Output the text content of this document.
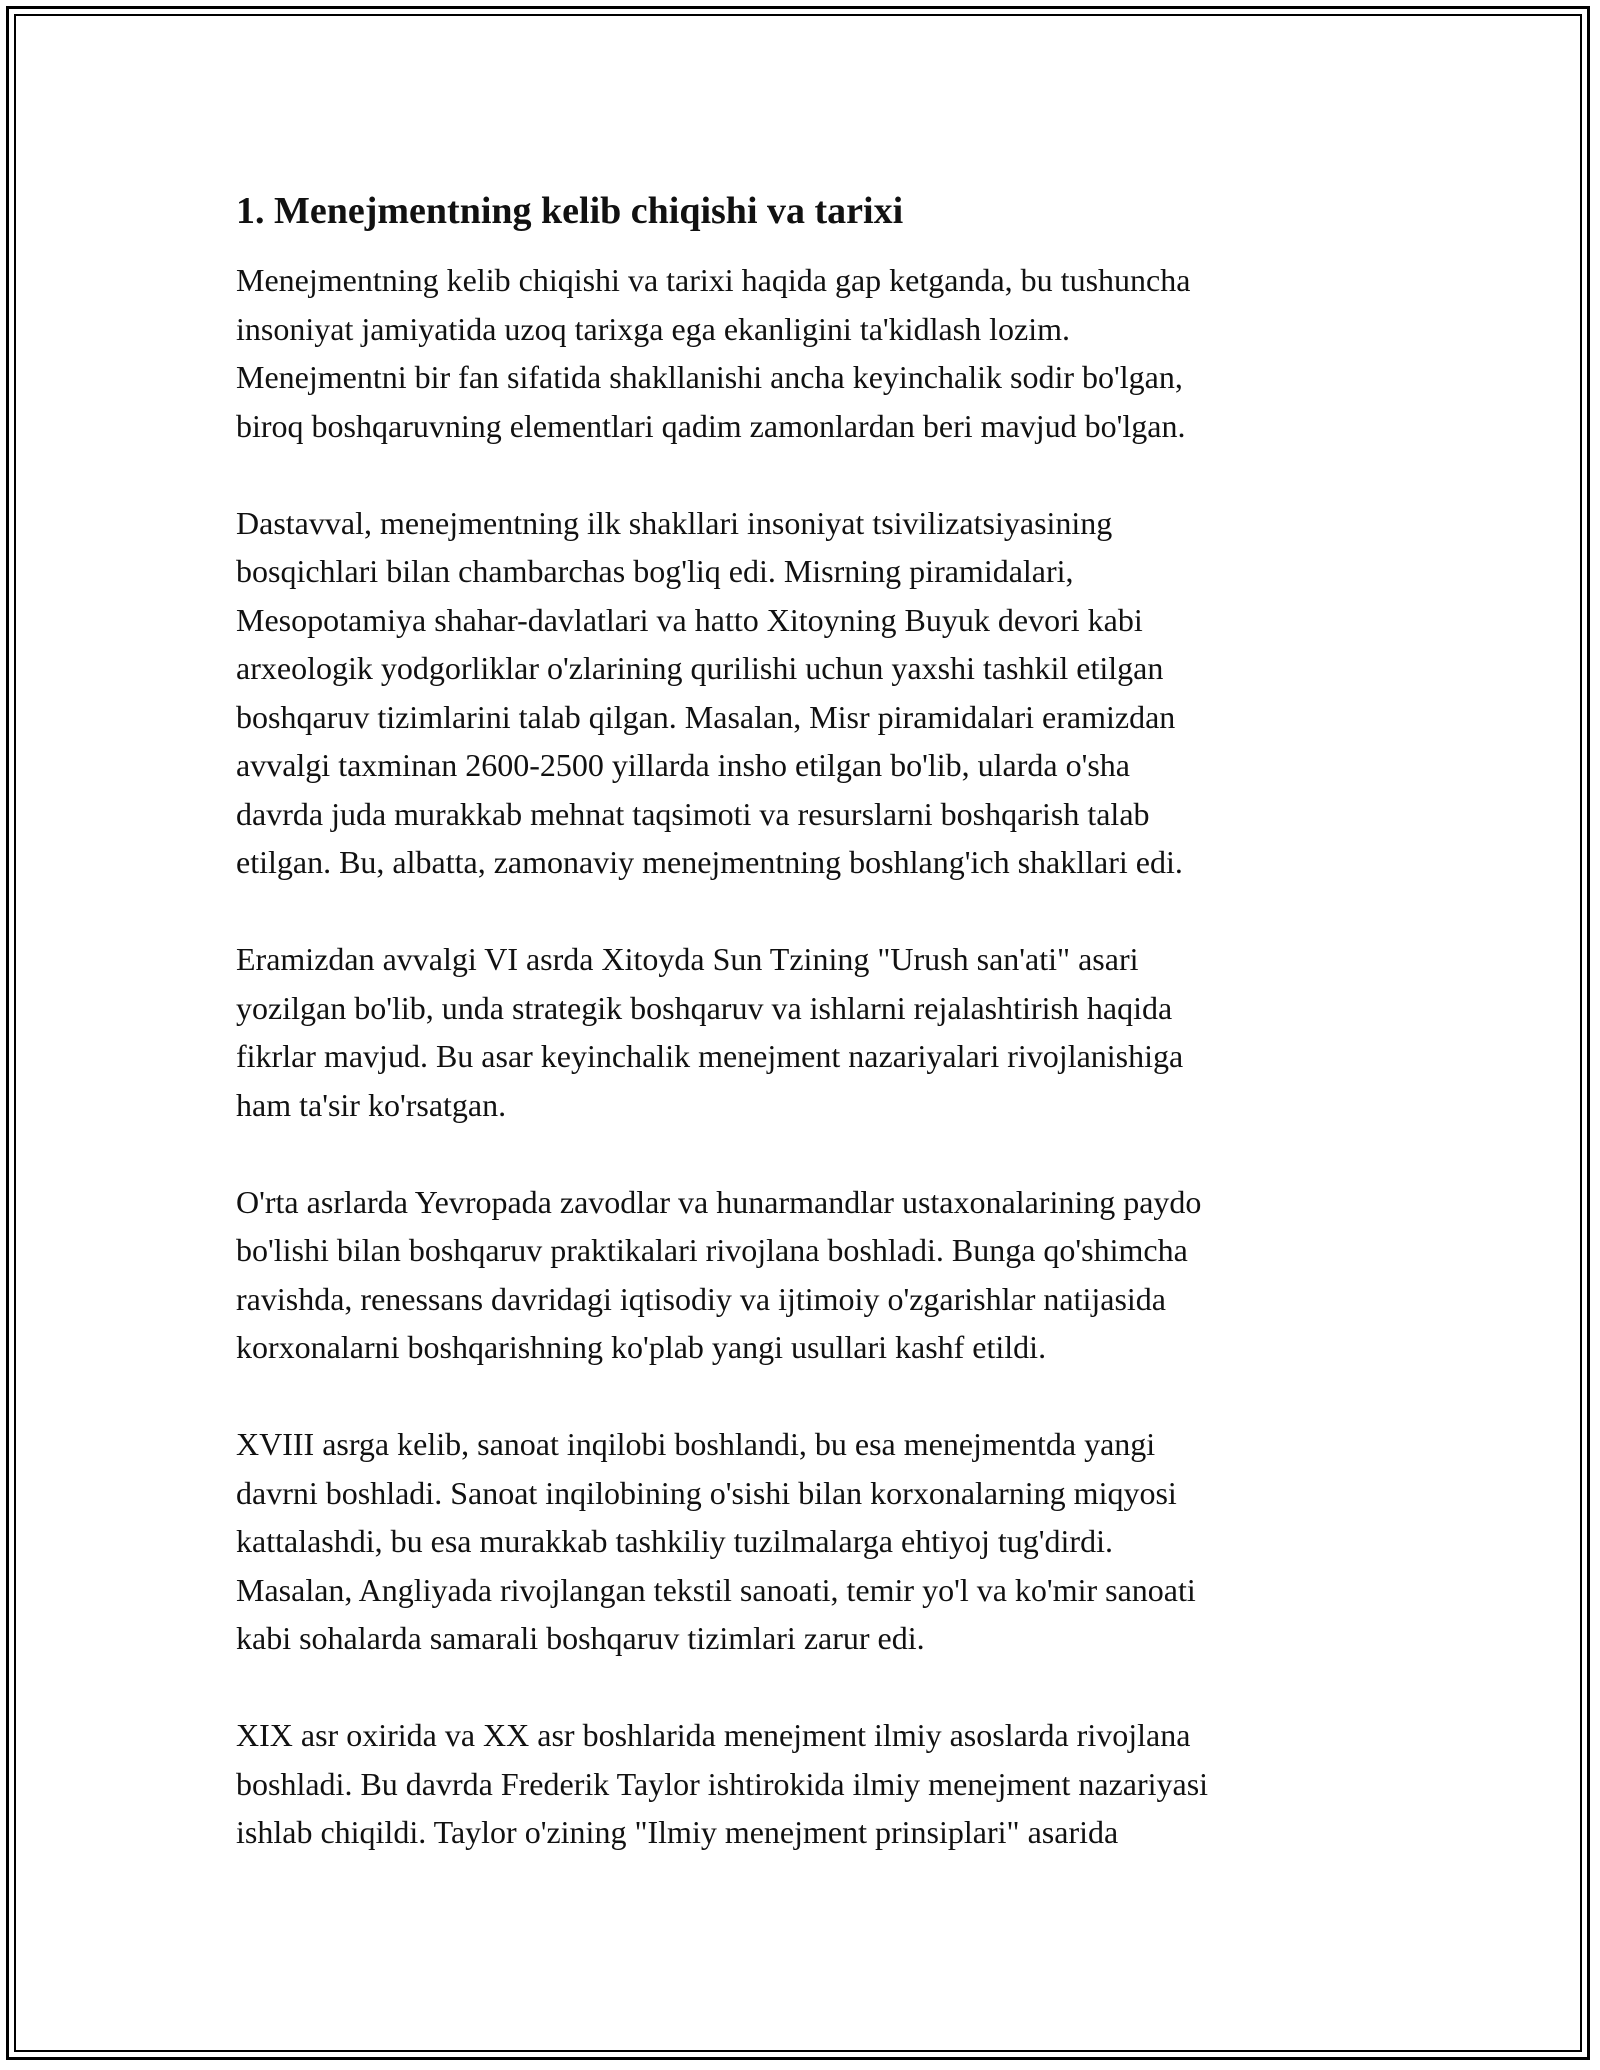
1. Menejmentning kelib chiqishi va tarixi

Menejmentning kelib chiqishi va tarixi haqida gap ketganda, bu tushuncha
insoniyat jamiyatida uzoq tarixga ega ekanligini ta'kidlash lozim.
Menejmentni bir fan sifatida shakllanishi ancha keyinchalik sodir bo'lgan,
biroq boshqaruvning elementlari qadim zamonlardan beri mavjud bo'lgan.

Dastavval, menejmentning ilk shakllari insoniyat tsivilizatsiyasining
bosqichlari bilan chambarchas bog'liq edi. Misrning piramidalari,
Mesopotamiya shahar-davlatlari va hatto Xitoyning Buyuk devori kabi
arxeologik yodgorliklar o'zlarining qurilishi uchun yaxshi tashkil etilgan
boshqaruv tizimlarini talab qilgan. Masalan, Misr piramidalari eramizdan
avvalgi taxminan 2600-2500 yillarda insho etilgan bo'lib, ularda o'sha
davrda juda murakkab mehnat taqsimoti va resurslarni boshqarish talab
etilgan. Bu, albatta, zamonaviy menejmentning boshlang'ich shakllari edi.

Eramizdan avvalgi VI asrda Xitoyda Sun Tzining "Urush san'ati" asari
yozilgan bo'lib, unda strategik boshqaruv va ishlarni rejalashtirish haqida
fikrlar mavjud. Bu asar keyinchalik menejment nazariyalari rivojlanishiga
ham ta'sir ko'rsatgan.

O'rta asrlarda Yevropada zavodlar va hunarmandlar ustaxonalarining paydo
bo'lishi bilan boshqaruv praktikalari rivojlana boshladi. Bunga qo'shimcha
ravishda, renessans davridagi iqtisodiy va ijtimoiy o'zgarishlar natijasida
korxonalarni boshqarishning ko'plab yangi usullari kashf etildi.

XVIII asrga kelib, sanoat inqilobi boshlandi, bu esa menejmentda yangi
davrni boshladi. Sanoat inqilobining o'sishi bilan korxonalarning miqyosi
kattalashdi, bu esa murakkab tashkiliy tuzilmalarga ehtiyoj tug'dirdi.
Masalan, Angliyada rivojlangan tekstil sanoati, temir yo'l va ko'mir sanoati
kabi sohalarda samarali boshqaruv tizimlari zarur edi.

XIX asr oxirida va XX asr boshlarida menejment ilmiy asoslarda rivojlana
boshladi. Bu davrda Frederik Taylor ishtirokida ilmiy menejment nazariyasi
ishlab chiqildi. Taylor o'zining "Ilmiy menejment prinsiplari" asarida
